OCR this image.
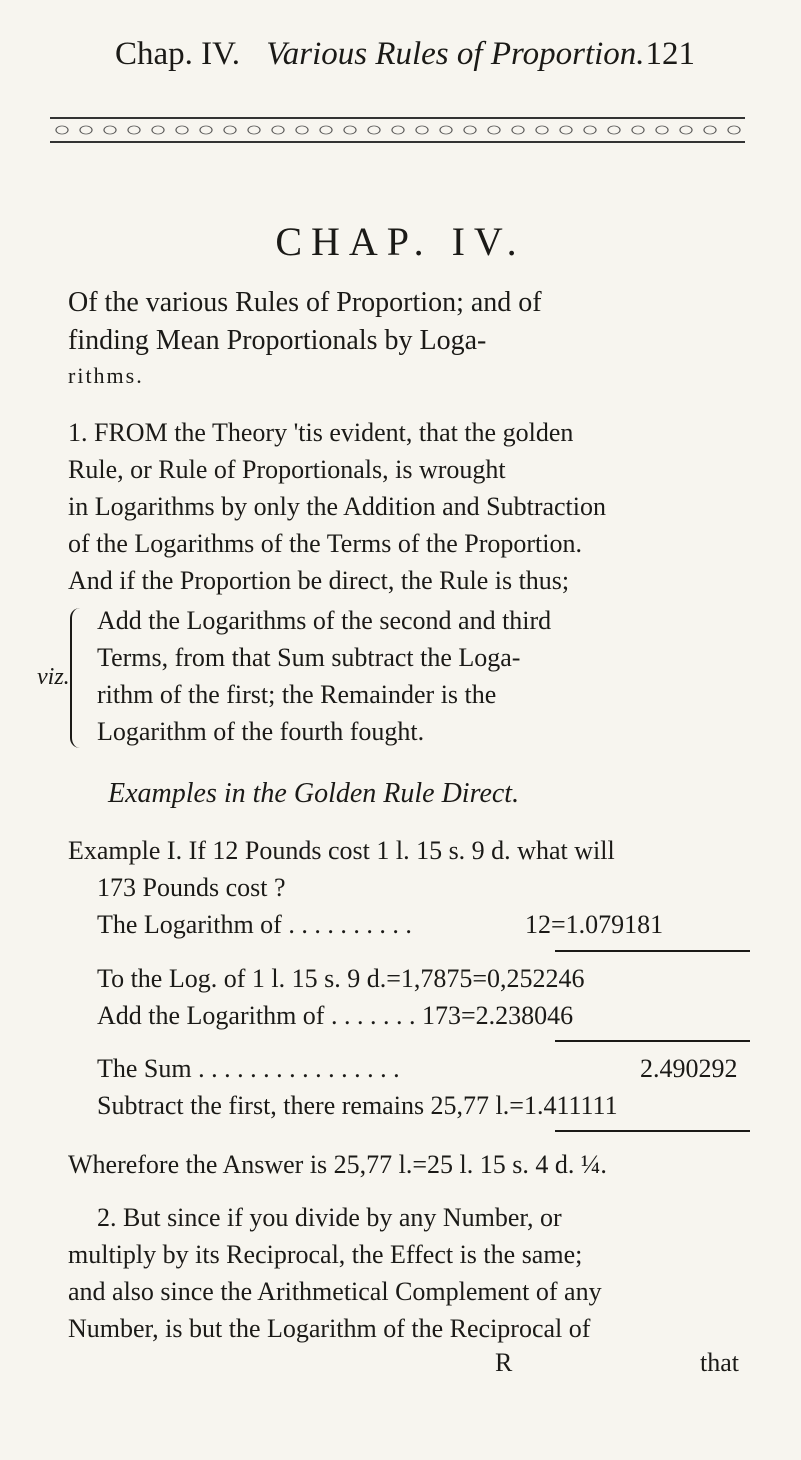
Chap. IV. Various Rules of Proportion. 121
CHAP. IV.
Of the various Rules of Proportion; and of
finding Mean Proportionals by Loga-
rithms.
1. FROM the Theory 'tis evident, that the golden
Rule, or Rule of Proportionals, is wrought
in Logarithms by only the Addition and Subtraction
of the Logarithms of the Terms of the Proportion.
And if the Proportion be direct, the Rule is thus;
viz.
Add the Logarithms of the second and third
Terms, from that Sum subtract the Loga-
rithm of the first; the Remainder is the
Logarithm of the fourth fought.
Examples in the Golden Rule Direct.
Example I. If 12 Pounds cost 1 l. 15 s. 9 d. what will
173 Pounds cost ?
The Logarithm of . . . . . . . . . .	12=1.079181
To the Log. of 1 l. 15 s. 9 d.=1,7875=0,252246
Add the Logarithm of . . . . . . . 173=2.238046
The Sum . . . . . . . . . . . . . . . .	2.490292
Subtract the first, there remains 25,77 l.=1.411111
Wherefore the Answer is 25,77 l.=25 l. 15 s. 4 d. ¼.
2. But since if you divide by any Number, or
multiply by its Reciprocal, the Effect is the same;
and also since the Arithmetical Complement of any
Number, is but the Logarithm of the Reciprocal of
R	that
